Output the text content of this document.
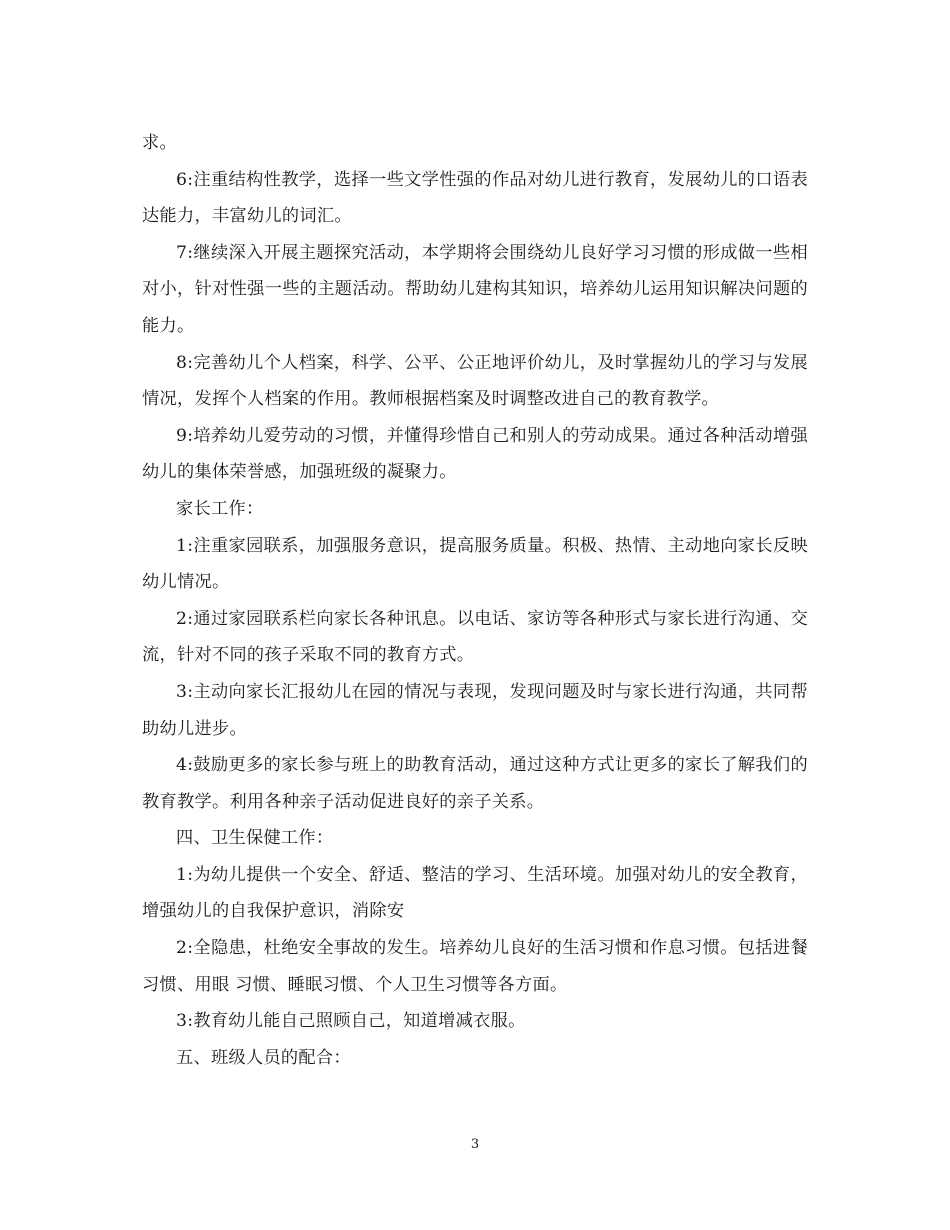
求。

6:注重结构性教学，选择一些文学性强的作品对幼儿进行教育，发展幼儿的口语表达能力，丰富幼儿的词汇。

7:继续深入开展主题探究活动，本学期将会围绕幼儿良好学习习惯的形成做一些相对小，针对性强一些的主题活动。帮助幼儿建构其知识，培养幼儿运用知识解决问题的能力。

8:完善幼儿个人档案，科学、公平、公正地评价幼儿，及时掌握幼儿的学习与发展情况，发挥个人档案的作用。教师根据档案及时调整改进自己的教育教学。

9:培养幼儿爱劳动的习惯，并懂得珍惜自己和别人的劳动成果。通过各种活动增强幼儿的集体荣誉感，加强班级的凝聚力。

家长工作：

1:注重家园联系，加强服务意识，提高服务质量。积极、热情、主动地向家长反映幼儿情况。

2:通过家园联系栏向家长各种讯息。以电话、家访等各种形式与家长进行沟通、交流，针对不同的孩子采取不同的教育方式。

3:主动向家长汇报幼儿在园的情况与表现，发现问题及时与家长进行沟通，共同帮助幼儿进步。

4:鼓励更多的家长参与班上的助教育活动，通过这种方式让更多的家长了解我们的教育教学。利用各种亲子活动促进良好的亲子关系。

四、卫生保健工作：

1:为幼儿提供一个安全、舒适、整洁的学习、生活环境。加强对幼儿的安全教育，增强幼儿的自我保护意识，消除安

2:全隐患，杜绝安全事故的发生。培养幼儿良好的生活习惯和作息习惯。包括进餐习惯、用眼 习惯、睡眠习惯、个人卫生习惯等各方面。

3:教育幼儿能自己照顾自己，知道增减衣服。

五、班级人员的配合：

3
